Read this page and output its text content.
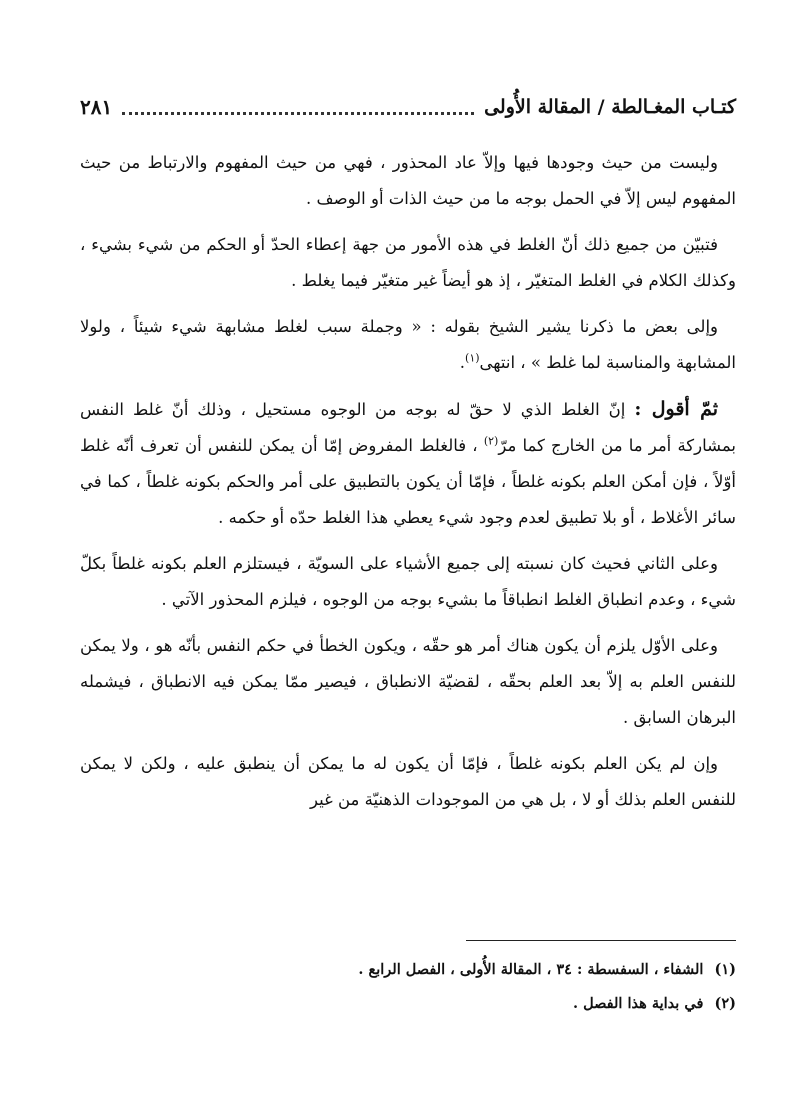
كتـاب المغـالطة / المقالة الأُولى
٢٨١

وليست من حيث وجودها فيها وإلاّ عاد المحذور ، فهي من حيث المفهوم والارتباط من حيث المفهوم ليس إلاّ في الحمل بوجه ما من حيث الذات أو الوصف .

فتبيّن من جميع ذلك أنّ الغلط في هذه الأمور من جهة إعطاء الحدّ أو الحكم من شيء بشيء ، وكذلك الكلام في الغلط المتغيّر ، إذ هو أيضاً غير متغيّر فيما يغلط .

وإلى بعض ما ذكرنا يشير الشيخ بقوله : « وجملة سبب لغلط مشابهة شيء شيئاً ، ولولا المشابهة والمناسبة لما غلط » ، انتهى$^{(١)}$.

ثمّ أقول : إنّ الغلط الذي لا حقّ له بوجه من الوجوه مستحيل ، وذلك أنّ غلط النفس بمشاركة أمر ما من الخارج كما مرّ$^{(٢)}$ ، فالغلط المفروض إمّا أن يمكن للنفس أن تعرف أنّه غلط أوّلاً ، فإن أمكن العلم بكونه غلطاً ، فإمّا أن يكون بالتطبيق على أمر والحكم بكونه غلطاً ، كما في سائر الأغلاط ، أو بلا تطبيق لعدم وجود شيء يعطي هذا الغلط حدّه أو حكمه .

وعلى الثاني فحيث كان نسبته إلى جميع الأشياء على السويّة ، فيستلزم العلم بكونه غلطاً بكلّ شيء ، وعدم انطباق الغلط انطباقاً ما بشيء بوجه من الوجوه ، فيلزم المحذور الآتي .

وعلى الأوّل يلزم أن يكون هناك أمر هو حقّه ، ويكون الخطأ في حكم النفس بأنّه هو ، ولا يمكن للنفس العلم به إلاّ بعد العلم بحقّه ، لقضيّة الانطباق ، فيصير ممّا يمكن فيه الانطباق ، فيشمله البرهان السابق .

وإن لم يكن العلم بكونه غلطاً ، فإمّا أن يكون له ما يمكن أن ينطبق عليه ، ولكن لا يمكن للنفس العلم بذلك أو لا ، بل هي من الموجودات الذهنيّة من غير

(١) الشفاء ، السفسطة : ٣٤ ، المقالة الأُولى ، الفصل الرابع .
(٢) في بداية هذا الفصل .
